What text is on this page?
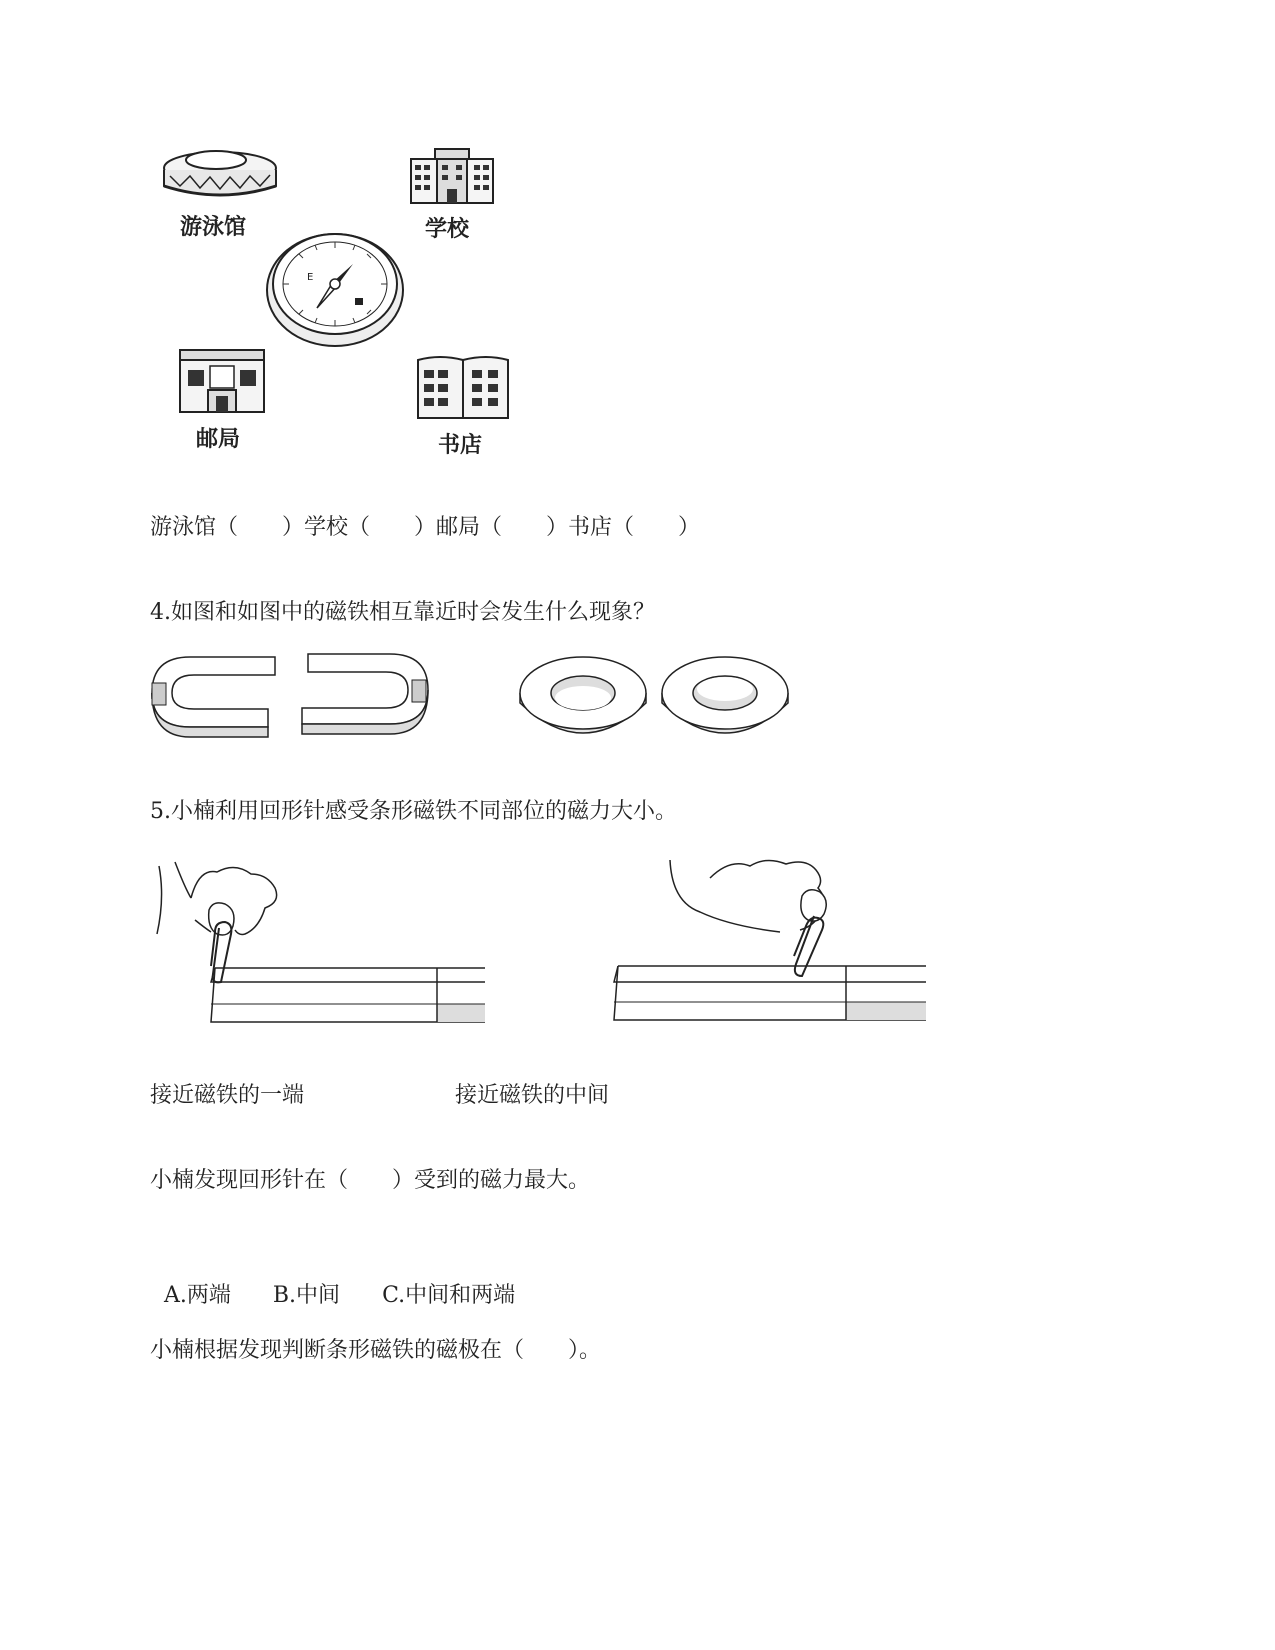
游泳馆	学校
E
邮局	书店
游泳馆（　　）学校（　　）邮局（　　）书店（　　）
4.如图和如图中的磁铁相互靠近时会发生什么现象？
5.小楠利用回形针感受条形磁铁不同部位的磁力大小。
接近磁铁的一端	接近磁铁的中间
小楠发现回形针在（　　）受到的磁力最大。

A.两端 B.中间 C.中间和两端

小楠根据发现判断条形磁铁的磁极在（　　）。
